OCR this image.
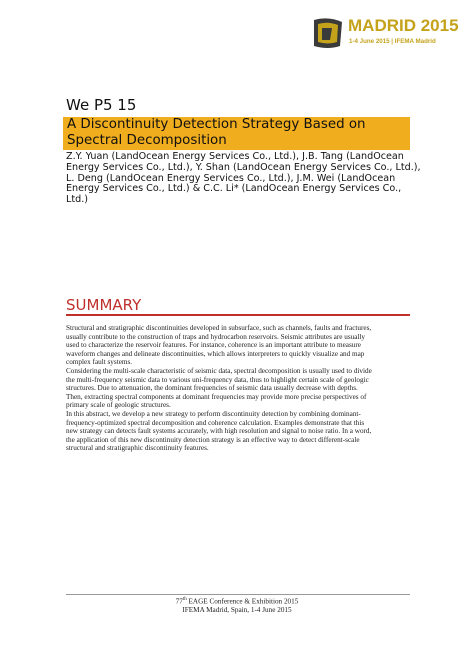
MADRID 2015
1-4 June 2015 | IFEMA Madrid
We P5 15
A Discontinuity Detection Strategy Based on
Spectral Decomposition
Z.Y. Yuan (LandOcean Energy Services Co., Ltd.), J.B. Tang (LandOcean
Energy Services Co., Ltd.), Y. Shan (LandOcean Energy Services Co., Ltd.),
L. Deng (LandOcean Energy Services Co., Ltd.), J.M. Wei (LandOcean
Energy Services Co., Ltd.) & C.C. Li* (LandOcean Energy Services Co.,
Ltd.)
SUMMARY
Structural and stratigraphic discontinuities developed in subsurface, such as channels, faults and fractures,
usually contribute to the construction of traps and hydrocarbon reservoirs. Seismic attributes are usually
used to characterize the reservoir features. For instance, coherence is an important attribute to measure
waveform changes and delineate discontinuities, which allows interpreters to quickly visualize and map
complex fault systems.
Considering the multi-scale characteristic of seismic data, spectral decomposition is usually used to divide
the multi-frequency seismic data to various uni-frequency data, thus to highlight certain scale of geologic
structures. Due to attenuation, the dominant frequencies of seismic data usually decrease with depths.
Then, extracting spectral components at dominant frequencies may provide more precise perspectives of
primary scale of geologic structures.
In this abstract, we develop a new strategy to perform discontinuity detection by combining dominant-
frequency-optimized spectral decomposition and coherence calculation. Examples demonstrate that this
new strategy can detects fault systems accurately, with high resolution and signal to noise ratio. In a word,
the application of this new discontinuity detection strategy is an effective way to detect different-scale
structural and stratigraphic discontinuity features.
77th EAGE Conference & Exhibition 2015
IFEMA Madrid, Spain, 1-4 June 2015
